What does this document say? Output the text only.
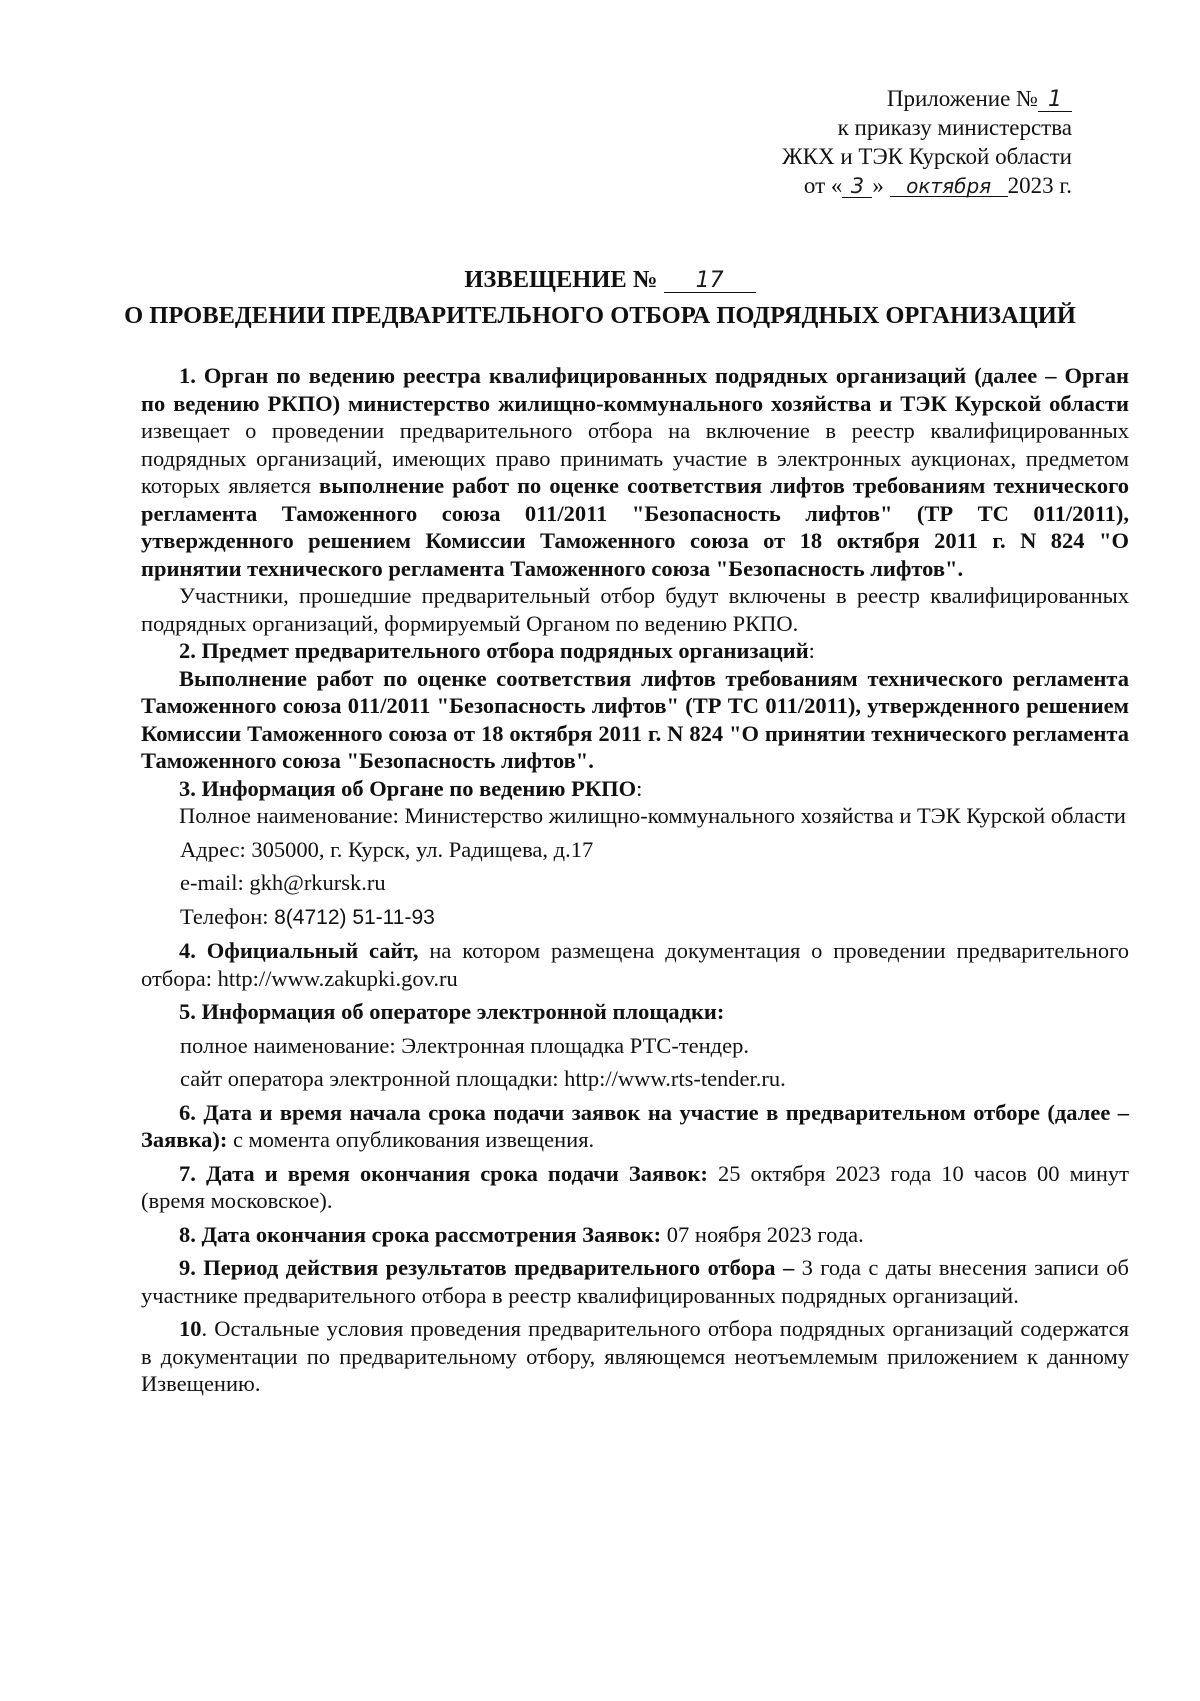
Приложение № 1
к приказу министерства
ЖКХ и ТЭК Курской области
от « 3 » октября 2023 г.
ИЗВЕЩЕНИЕ № 17
О ПРОВЕДЕНИИ ПРЕДВАРИТЕЛЬНОГО ОТБОРА ПОДРЯДНЫХ ОРГАНИЗАЦИЙ

1. Орган по ведению реестра квалифицированных подрядных организаций (далее – Орган по ведению РКПО) министерство жилищно-коммунального хозяйства и ТЭК Курской области извещает о проведении предварительного отбора на включение в реестр квалифицированных подрядных организаций, имеющих право принимать участие в электронных аукционах, предметом которых является выполнение работ по оценке соответствия лифтов требованиям технического регламента Таможенного союза 011/2011 "Безопасность лифтов" (ТР ТС 011/2011), утвержденного решением Комиссии Таможенного союза от 18 октября 2011 г. N 824 "О принятии технического регламента Таможенного союза "Безопасность лифтов".

Участники, прошедшие предварительный отбор будут включены в реестр квалифицированных подрядных организаций, формируемый Органом по ведению РКПО.

2. Предмет предварительного отбора подрядных организаций:

Выполнение работ по оценке соответствия лифтов требованиям технического регламента Таможенного союза 011/2011 "Безопасность лифтов" (ТР ТС 011/2011), утвержденного решением Комиссии Таможенного союза от 18 октября 2011 г. N 824 "О принятии технического регламента Таможенного союза "Безопасность лифтов".

3. Информация об Органе по ведению РКПО:

Полное наименование: Министерство жилищно-коммунального хозяйства и ТЭК Курской области

Адрес: 305000, г. Курск, ул. Радищева, д.17

e-mail: gkh@rkursk.ru

Телефон: 8(4712) 51-11-93

4. Официальный сайт, на котором размещена документация о проведении предварительного отбора: http://www.zakupki.gov.ru

5. Информация об операторе электронной площадки:

полное наименование: Электронная площадка РТС-тендер.

сайт оператора электронной площадки: http://www.rts-tender.ru.

6. Дата и время начала срока подачи заявок на участие в предварительном отборе (далее – Заявка): с момента опубликования извещения.

7. Дата и время окончания срока подачи Заявок: 25 октября 2023 года 10 часов 00 минут (время московское).

8. Дата окончания срока рассмотрения Заявок: 07 ноября 2023 года.

9. Период действия результатов предварительного отбора – 3 года с даты внесения записи об участнике предварительного отбора в реестр квалифицированных подрядных организаций.

10. Остальные условия проведения предварительного отбора подрядных организаций содержатся в документации по предварительному отбору, являющемся неотъемлемым приложением к данному Извещению.
